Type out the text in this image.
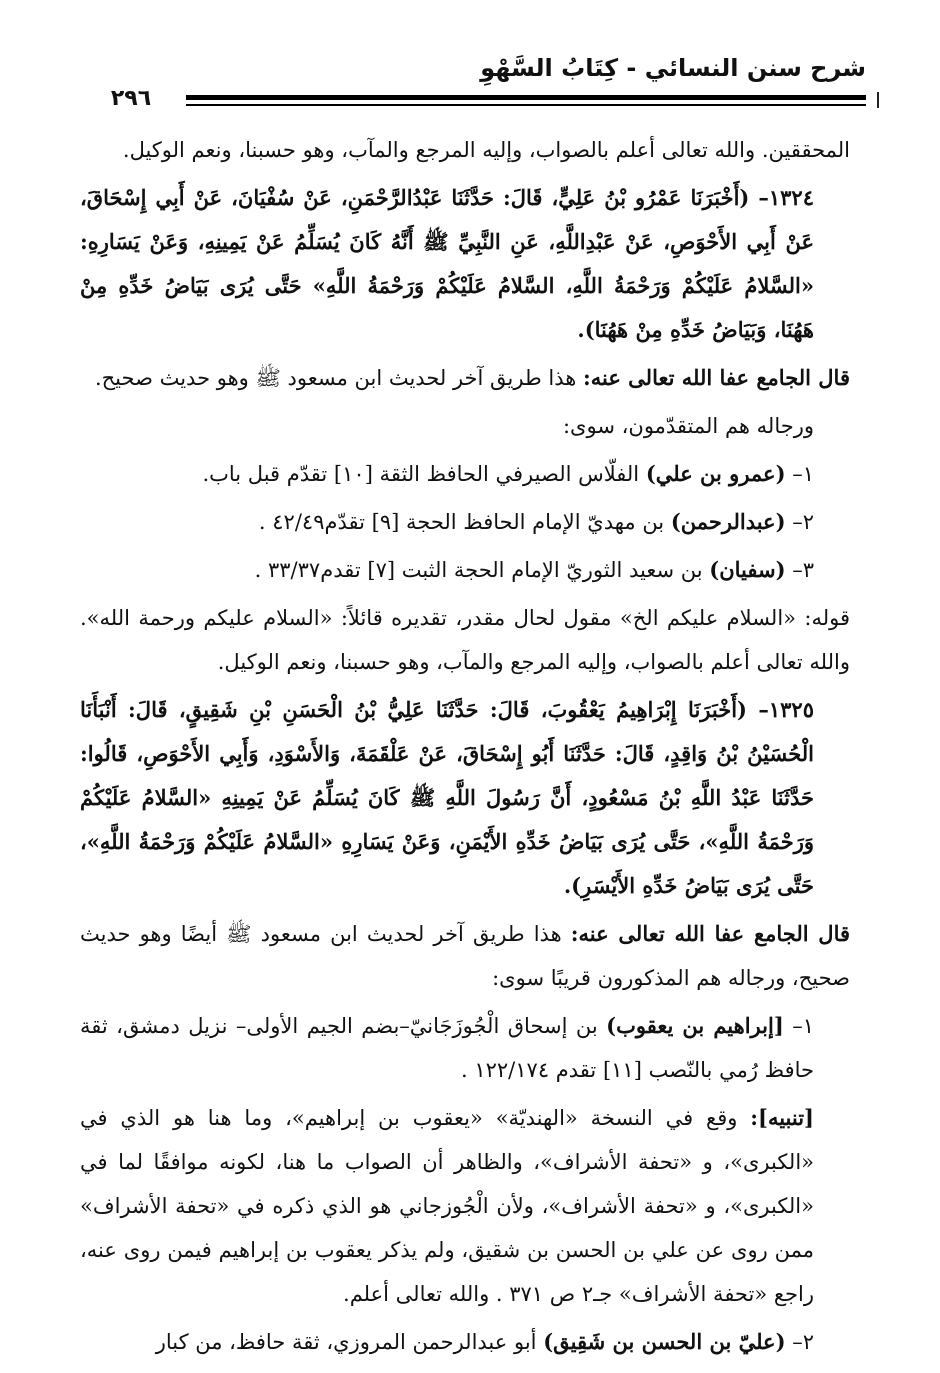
شرح سنن النسائي - كِتَابُ السَّهْوِ
٢٩٦

المحققين. والله تعالى أعلم بالصواب، وإليه المرجع والمآب، وهو حسبنا، ونعم الوكيل.

١٣٢٤– (أَخْبَرَنَا عَمْرُو بْنُ عَلِيٍّ، قَالَ: حَدَّثَنَا عَبْدُالرَّحْمَنِ، عَنْ سُفْيَانَ، عَنْ أَبِي إِسْحَاقَ، عَنْ أَبِي الأَحْوَصِ، عَنْ عَبْدِاللَّهِ، عَنِ النَّبِيِّ ﷺ أَنَّهُ كَانَ يُسَلِّمُ عَنْ يَمِينِهِ، وَعَنْ يَسَارِهِ: «السَّلامُ عَلَيْكُمْ وَرَحْمَةُ اللَّهِ، السَّلامُ عَلَيْكُمْ وَرَحْمَةُ اللَّهِ» حَتَّى يُرَى بَيَاضُ خَدِّهِ مِنْ هَهُنَا، وَبَيَاضُ خَدِّهِ مِنْ هَهُنَا).

قال الجامع عفا الله تعالى عنه: هذا طريق آخر لحديث ابن مسعود ﷺ وهو حديث صحيح.

ورجاله هم المتقدّمون، سوى:

١– (عمرو بن علي) الفلّاس الصيرفي الحافظ الثقة [١٠] تقدّم قبل باب.

٢– (عبدالرحمن) بن مهديّ الإمام الحافظ الحجة [٩] تقدّم٤٢/٤٩ .

٣– (سفيان) بن سعيد الثوريّ الإمام الحجة الثبت [٧] تقدم٣٣/٣٧ .

قوله: «السلام عليكم الخ» مقول لحال مقدر، تقديره قائلاً: «السلام عليكم ورحمة الله». والله تعالى أعلم بالصواب، وإليه المرجع والمآب، وهو حسبنا، ونعم الوكيل.

١٣٢٥– (أَخْبَرَنَا إِبْرَاهِيمُ يَعْقُوبَ، قَالَ: حَدَّثَنَا عَلِيُّ بْنُ الْحَسَنِ بْنِ شَقِيقٍ، قَالَ: أَنْبَأَنَا الْحُسَيْنُ بْنُ وَاقِدٍ، قَالَ: حَدَّثَنَا أَبُو إِسْحَاقَ، عَنْ عَلْقَمَةَ، وَالأَسْوَدِ، وَأَبِي الأَحْوَصِ، قَالُوا: حَدَّثَنَا عَبْدُ اللَّهِ بْنُ مَسْعُودٍ، أَنَّ رَسُولَ اللَّهِ ﷺ كَانَ يُسَلِّمُ عَنْ يَمِينِهِ «السَّلامُ عَلَيْكُمْ وَرَحْمَةُ اللَّهِ»، حَتَّى يُرَى بَيَاضُ خَدِّهِ الأَيْمَنِ، وَعَنْ يَسَارِهِ «السَّلامُ عَلَيْكُمْ وَرَحْمَةُ اللَّهِ»، حَتَّى يُرَى بَيَاضُ خَدِّهِ الأَيْسَرِ).

قال الجامع عفا الله تعالى عنه: هذا طريق آخر لحديث ابن مسعود ﷺ أيضًا وهو حديث صحيح، ورجاله هم المذكورون قريبًا سوى:

١– [إبراهيم بن يعقوب) بن إسحاق الْجُوزَجَانيّ–بضم الجيم الأولى– نزيل دمشق، ثقة حافظ رُمي بالنّصب [١١] تقدم ١٢٢/١٧٤ .

[تنبيه]: وقع في النسخة «الهنديّة» «يعقوب بن إبراهيم»، وما هنا هو الذي في «الكبرى»، و «تحفة الأشراف»، والظاهر أن الصواب ما هنا، لكونه موافقًا لما في «الكبرى»، و «تحفة الأشراف»، ولأن الْجُوزجاني هو الذي ذكره في «تحفة الأشراف» ممن روى عن علي بن الحسن بن شقيق، ولم يذكر يعقوب بن إبراهيم فيمن روى عنه، راجع «تحفة الأشراف» جـ٢ ص ٣٧١ . والله تعالى أعلم.

٢– (عليّ بن الحسن بن شَقِيق) أبو عبدالرحمن المروزي، ثقة حافظ، من كبار
